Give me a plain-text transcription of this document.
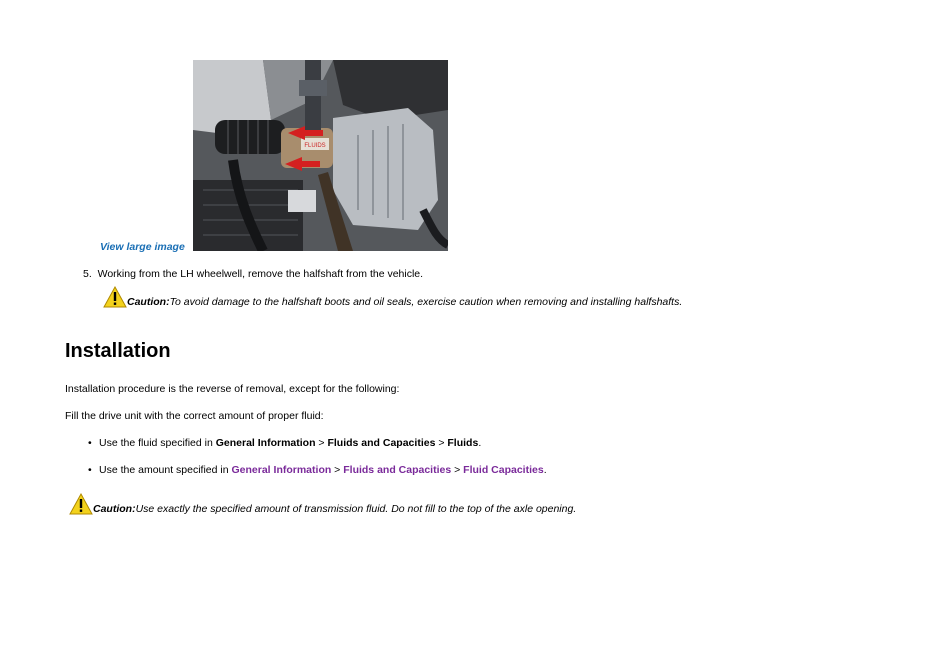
FLUIDS
View large image
5. Working from the LH wheelwell, remove the halfshaft from the vehicle.
Caution: To avoid damage to the halfshaft boots and oil seals, exercise caution when removing and installing halfshafts.
Installation
Installation procedure is the reverse of removal, except for the following:
Fill the drive unit with the correct amount of proper fluid:
• Use the fluid specified in General Information > Fluids and Capacities > Fluids.
• Use the amount specified in General Information > Fluids and Capacities > Fluid Capacities.
Caution: Use exactly the specified amount of transmission fluid. Do not fill to the top of the axle opening.
